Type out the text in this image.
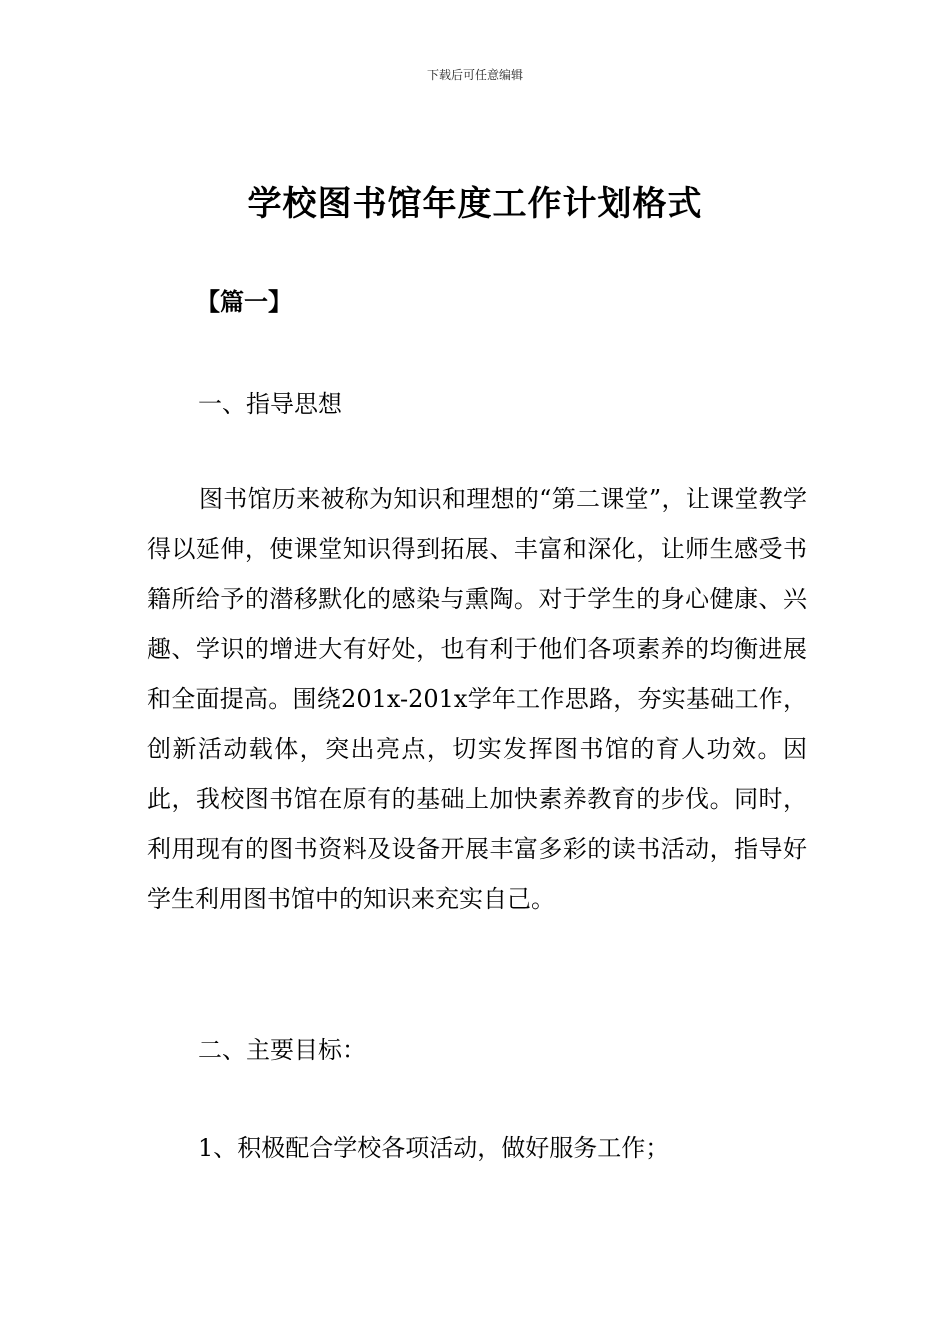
下载后可任意编辑
学校图书馆年度工作计划格式
【篇一】
一、指导思想
图书馆历来被称为知识和理想的“第二课堂”，让课堂教学得以延伸，使课堂知识得到拓展、丰富和深化，让师生感受书籍所给予的潜移默化的感染与熏陶。对于学生的身心健康、兴趣、学识的增进大有好处，也有利于他们各项素养的均衡进展和全面提高。围绕201x-201x学年工作思路，夯实基础工作，创新活动载体，突出亮点，切实发挥图书馆的育人功效。因此，我校图书馆在原有的基础上加快素养教育的步伐。同时，利用现有的图书资料及设备开展丰富多彩的读书活动，指导好学生利用图书馆中的知识来充实自己。
二、主要目标：
1、积极配合学校各项活动，做好服务工作；
